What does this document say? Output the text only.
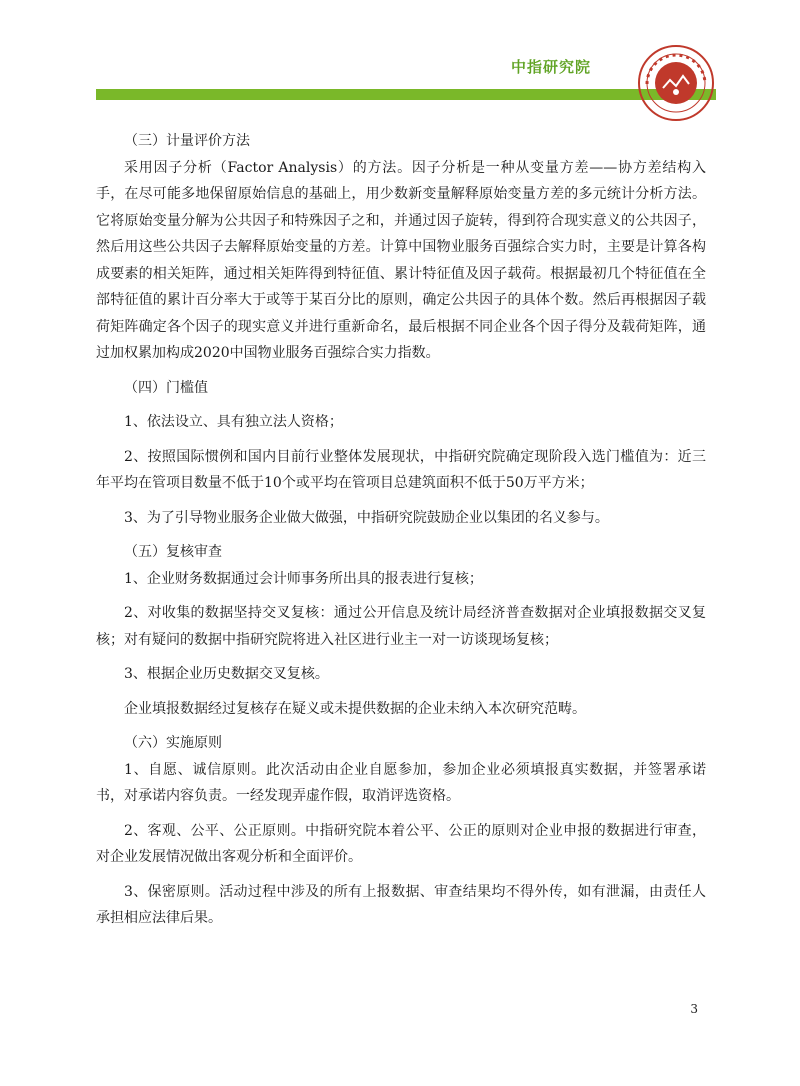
中指研究院

（三）计量评价方法

采用因子分析（Factor Analysis）的方法。因子分析是一种从变量方差——协方差结构入手，在尽可能多地保留原始信息的基础上，用少数新变量解释原始变量方差的多元统计分析方法。它将原始变量分解为公共因子和特殊因子之和，并通过因子旋转，得到符合现实意义的公共因子，然后用这些公共因子去解释原始变量的方差。计算中国物业服务百强综合实力时，主要是计算各构成要素的相关矩阵，通过相关矩阵得到特征值、累计特征值及因子载荷。根据最初几个特征值在全部特征值的累计百分率大于或等于某百分比的原则，确定公共因子的具体个数。然后再根据因子载荷矩阵确定各个因子的现实意义并进行重新命名，最后根据不同企业各个因子得分及载荷矩阵，通过加权累加构成2020中国物业服务百强综合实力指数。

（四）门槛值

1、依法设立、具有独立法人资格；

2、按照国际惯例和国内目前行业整体发展现状，中指研究院确定现阶段入选门槛值为：近三年平均在管项目数量不低于10个或平均在管项目总建筑面积不低于50万平方米；

3、为了引导物业服务企业做大做强，中指研究院鼓励企业以集团的名义参与。

（五）复核审查

1、企业财务数据通过会计师事务所出具的报表进行复核；

2、对收集的数据坚持交叉复核：通过公开信息及统计局经济普查数据对企业填报数据交叉复核；对有疑问的数据中指研究院将进入社区进行业主一对一访谈现场复核；

3、根据企业历史数据交叉复核。

企业填报数据经过复核存在疑义或未提供数据的企业未纳入本次研究范畴。

（六）实施原则

1、自愿、诚信原则。此次活动由企业自愿参加，参加企业必须填报真实数据，并签署承诺书，对承诺内容负责。一经发现弄虚作假，取消评选资格。

2、客观、公平、公正原则。中指研究院本着公平、公正的原则对企业申报的数据进行审查，对企业发展情况做出客观分析和全面评价。

3、保密原则。活动过程中涉及的所有上报数据、审查结果均不得外传，如有泄漏，由责任人承担相应法律后果。

3
